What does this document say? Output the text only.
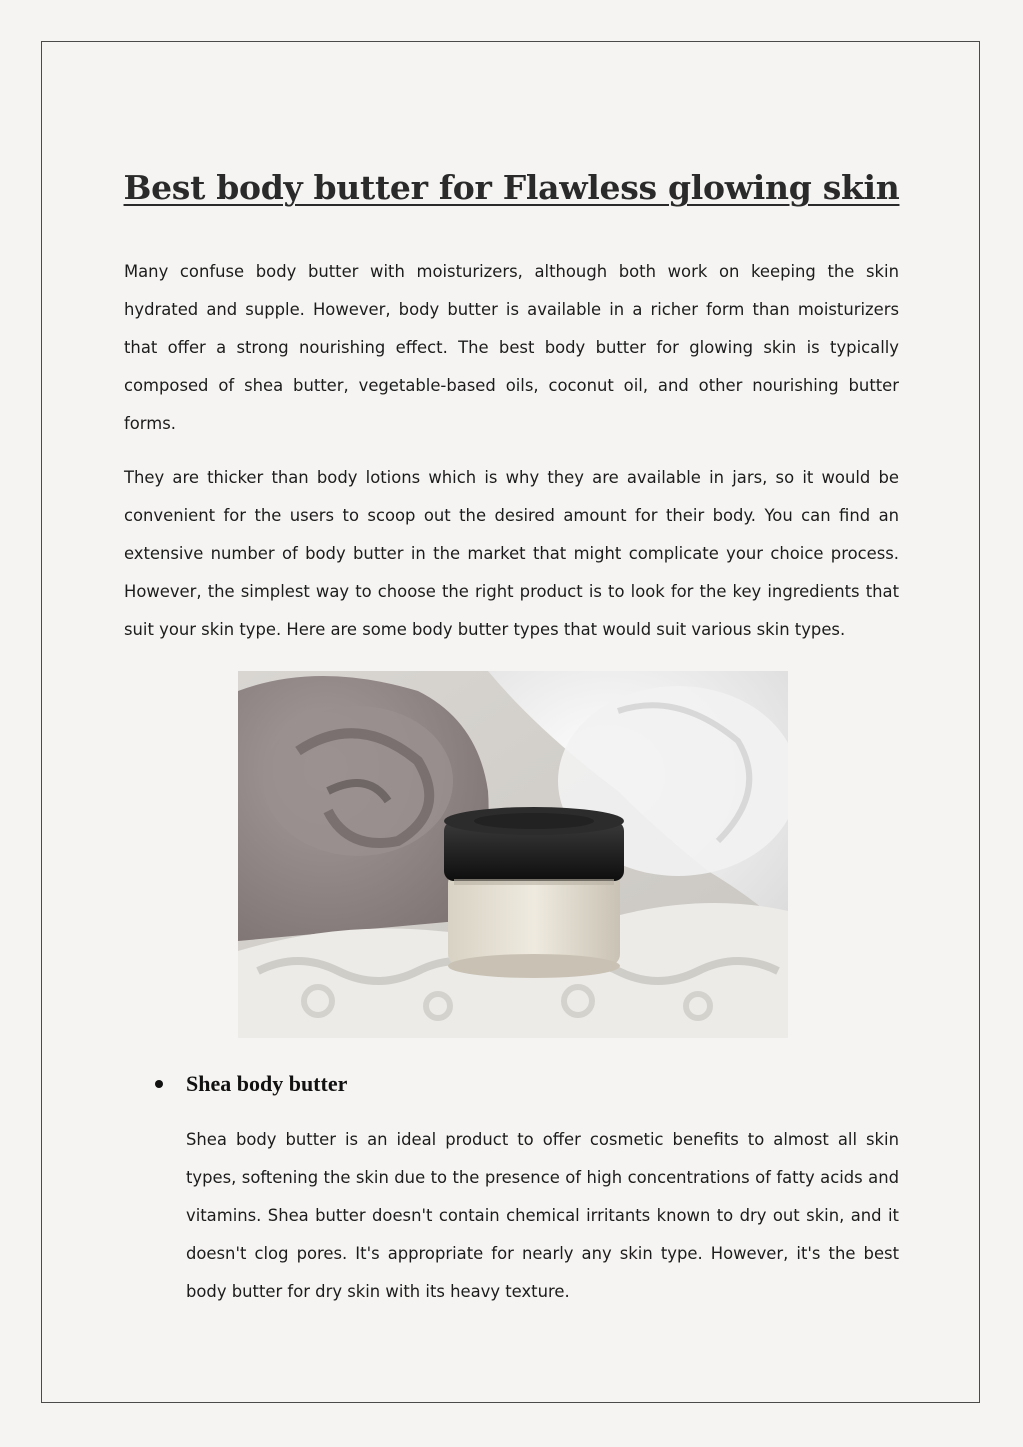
Best body butter for Flawless glowing skin

Many confuse body butter with moisturizers, although both work on keeping the skin hydrated and supple. However, body butter is available in a richer form than moisturizers that offer a strong nourishing effect. The best body butter for glowing skin is typically composed of shea butter, vegetable-based oils, coconut oil, and other nourishing butter forms.

They are thicker than body lotions which is why they are available in jars, so it would be convenient for the users to scoop out the desired amount for their body. You can find an extensive number of body butter in the market that might complicate your choice process. However, the simplest way to choose the right product is to look for the key ingredients that suit your skin type. Here are some body butter types that would suit various skin types.

Shea body butter

Shea body butter is an ideal product to offer cosmetic benefits to almost all skin types, softening the skin due to the presence of high concentrations of fatty acids and vitamins. Shea butter doesn't contain chemical irritants known to dry out skin, and it doesn't clog pores. It's appropriate for nearly any skin type. However, it's the best body butter for dry skin with its heavy texture.
